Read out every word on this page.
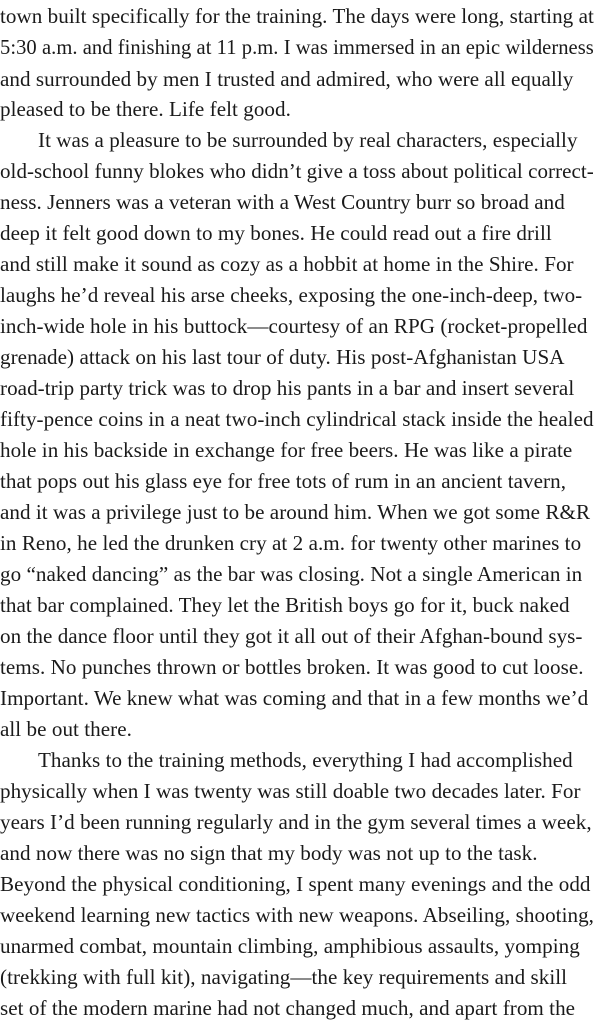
town built specifically for the training. The days were long, starting at
5:30 a.m. and finishing at 11 p.m. I was immersed in an epic wilderness
and surrounded by men I trusted and admired, who were all equally
pleased to be there. Life felt good.
It was a pleasure to be surrounded by real characters, especially
old-school funny blokes who didn’t give a toss about political correct-
ness. Jenners was a veteran with a West Country burr so broad and
deep it felt good down to my bones. He could read out a fire drill
and still make it sound as cozy as a hobbit at home in the Shire. For
laughs he’d reveal his arse cheeks, exposing the one-inch-deep, two-
inch-wide hole in his buttock—courtesy of an RPG (rocket-propelled
grenade) attack on his last tour of duty. His post-Afghanistan USA
road-trip party trick was to drop his pants in a bar and insert several
fifty-pence coins in a neat two-inch cylindrical stack inside the healed
hole in his backside in exchange for free beers. He was like a pirate
that pops out his glass eye for free tots of rum in an ancient tavern,
and it was a privilege just to be around him. When we got some R&R
in Reno, he led the drunken cry at 2 a.m. for twenty other marines to
go “naked dancing” as the bar was closing. Not a single American in
that bar complained. They let the British boys go for it, buck naked
on the dance floor until they got it all out of their Afghan-bound sys-
tems. No punches thrown or bottles broken. It was good to cut loose.
Important. We knew what was coming and that in a few months we’d
all be out there.
Thanks to the training methods, everything I had accomplished
physically when I was twenty was still doable two decades later. For
years I’d been running regularly and in the gym several times a week,
and now there was no sign that my body was not up to the task.
Beyond the physical conditioning, I spent many evenings and the odd
weekend learning new tactics with new weapons. Abseiling, shooting,
unarmed combat, mountain climbing, amphibious assaults, yomping
(trekking with full kit), navigating—the key requirements and skill
set of the modern marine had not changed much, and apart from the
